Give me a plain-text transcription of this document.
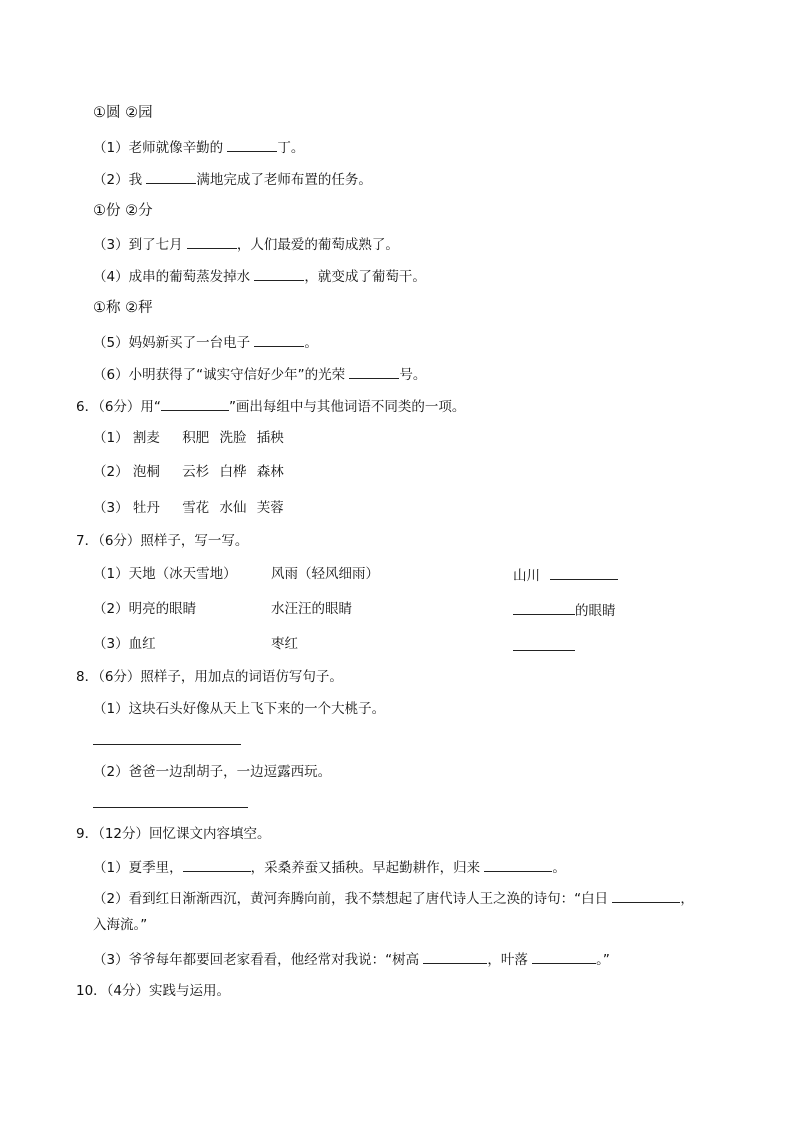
①圆 ②园
（1）老师就像辛勤的	丁。
（2）我	满地完成了老师布置的任务。
①份 ②分
（3）到了七月	，人们最爱的葡萄成熟了。
（4）成串的葡萄蒸发掉水	，就变成了葡萄干。
①称 ②秤
（5）妈妈新买了一台电子	。
（6）小明获得了“诚实守信好少年”的光荣	号。
6．（6分）用“	”画出每组中与其他词语不同类的一项。
（1） 割麦 积肥 洗脸 插秧
（2） 泡桐 云杉 白桦 森林
（3） 牡丹 雪花 水仙 芙蓉
7．（6分）照样子，写一写。
（1）天地（冰天雪地）	风雨（轻风细雨）	山川
（2）明亮的眼睛	水汪汪的眼睛	的眼睛
（3）血红	枣红
8．（6分）照样子，用加点的词语仿写句子。
（1）这块石头好像从天上飞下来的一个大桃子。
（2）爸爸一边刮胡子，一边逗露西玩。
9．（12分）回忆课文内容填空。
（1）夏季里，	，采桑养蚕又插秧。早起勤耕作，归来	。
（2）看到红日渐渐西沉，黄河奔腾向前，我不禁想起了唐代诗人王之涣的诗句：“白日	，
入海流。”
（3）爷爷每年都要回老家看看，他经常对我说：“树高	，叶落	。”
10．（4分）实践与运用。
